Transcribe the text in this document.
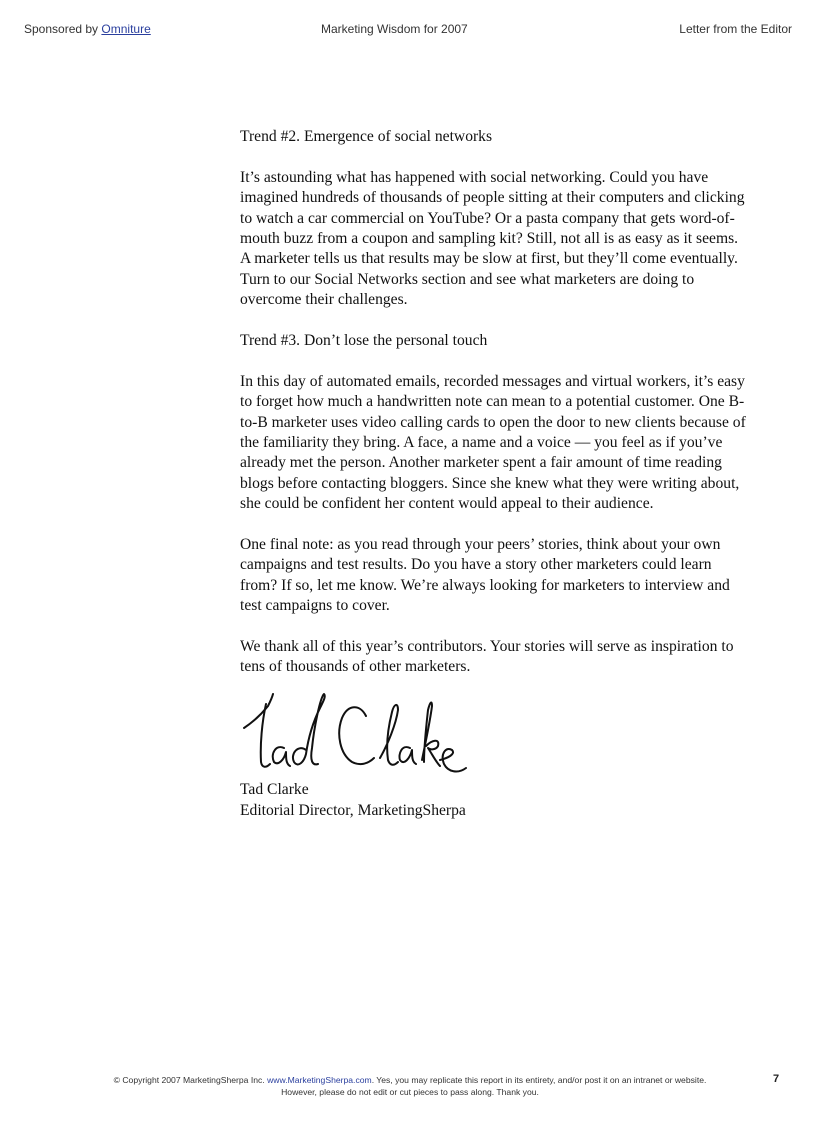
Sponsored by Omniture	Marketing Wisdom for 2007	Letter from the Editor

Trend #2. Emergence of social networks

It’s astounding what has happened with social networking. Could you have imagined hundreds of thousands of people sitting at their computers and clicking to watch a car commercial on YouTube? Or a pasta company that gets word-of-mouth buzz from a coupon and sampling kit? Still, not all is as easy as it seems. A marketer tells us that results may be slow at first, but they’ll come eventually. Turn to our Social Networks section and see what marketers are doing to overcome their challenges.

Trend #3. Don’t lose the personal touch

In this day of automated emails, recorded messages and virtual workers, it’s easy to forget how much a handwritten note can mean to a potential customer. One B-to-B marketer uses video calling cards to open the door to new clients because of the familiarity they bring. A face, a name and a voice — you feel as if you’ve already met the person. Another marketer spent a fair amount of time reading blogs before contacting bloggers. Since she knew what they were writing about, she could be confident her content would appeal to their audience.

One final note: as you read through your peers’ stories, think about your own campaigns and test results. Do you have a story other marketers could learn from? If so, let me know. We’re always looking for marketers to interview and test campaigns to cover.

We thank all of this year’s contributors. Your stories will serve as inspiration to tens of thousands of other marketers.

Tad Clarke

Editorial Director, MarketingSherpa

© Copyright 2007 MarketingSherpa Inc. www.MarketingSherpa.com. Yes, you may replicate this report in its entirety, and/or post it on an intranet or website.
However, please do not edit or cut pieces to pass along. Thank you.
7
